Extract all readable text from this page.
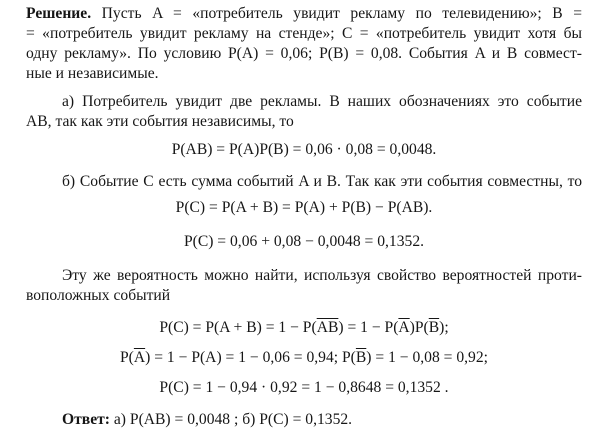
Решение. Пусть A = «потребитель увидит рекламу по телевидению»; B =
= «потребитель увидит рекламу на стенде»; C = «потребитель увидит хотя бы
одну рекламу». По условию P(A) = 0,06; P(B) = 0,08. События A и B совмест-
ные и независимые.
а) Потребитель увидит две рекламы. В наших обозначениях это событие
AB, так как эти события независимы, то
P(AB) = P(A)P(B) = 0,06 · 0,08 = 0,0048.
б) Событие C есть сумма событий A и B. Так как эти события совместны, то
P(C) = P(A + B) = P(A) + P(B) − P(AB).
P(C) = 0,06 + 0,08 − 0,0048 = 0,1352.
Эту же вероятность можно найти, используя свойство вероятностей проти-
воположных событий
$P(C) = P(A + B) = 1 - P(\overline{AB}) = 1 - P(\overline{A})P(\overline{B})$;
$P(\overline{A}) = 1 - P(A) = 1 - 0,06 = 0,94$; $P(\overline{B}) = 1 - 0,08 = 0,92$;
P(C) = 1 − 0,94 · 0,92 = 1 − 0,8648 = 0,1352 .
Ответ: а) P(AB) = 0,0048 ; б) P(C) = 0,1352.
